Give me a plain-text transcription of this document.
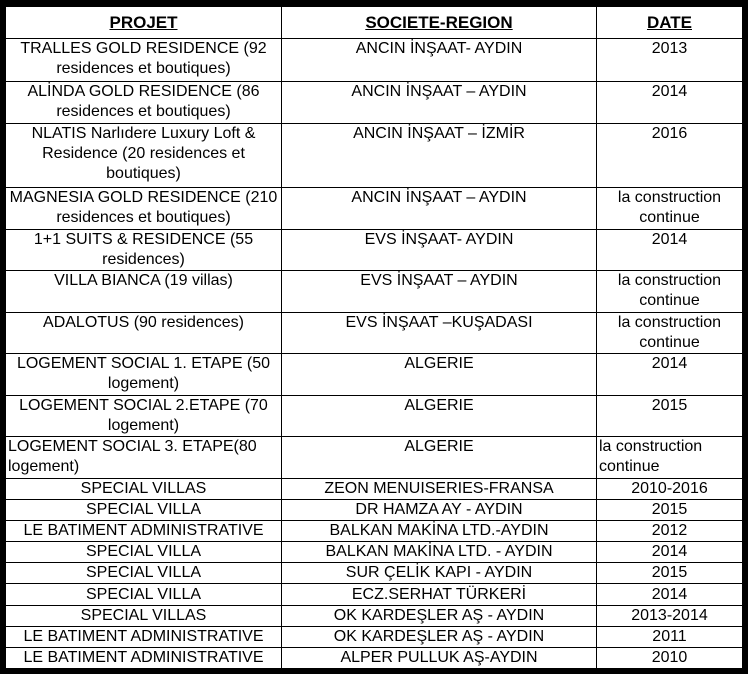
PROJET	SOCIETE-REGION	DATE
TRALLES GOLD RESIDENCE (92 residences et boutiques)	ANCIN İNŞAAT- AYDIN	2013
ALİNDA GOLD RESIDENCE (86 residences et boutiques)	ANCIN İNŞAAT – AYDIN	2014
NLATIS Narlıdere Luxury Loft & Residence (20 residences et boutiques)	ANCIN İNŞAAT – İZMİR	2016
MAGNESIA GOLD RESIDENCE (210 residences et boutiques)	ANCIN İNŞAAT – AYDIN	la construction continue
1+1 SUITS & RESIDENCE (55 residences)	EVS İNŞAAT- AYDIN	2014
VILLA BIANCA (19 villas)	EVS İNŞAAT – AYDIN	la construction continue
ADALOTUS (90 residences)	EVS İNŞAAT –KUŞADASI	la construction continue
LOGEMENT SOCIAL 1. ETAPE (50 logement)	ALGERIE	2014
LOGEMENT SOCIAL 2.ETAPE (70 logement)	ALGERIE	2015
LOGEMENT SOCIAL 3. ETAPE(80 logement)	ALGERIE	la construction continue
SPECIAL VILLAS	ZEON MENUISERIES-FRANSA	2010-2016
SPECIAL VILLA	DR HAMZA AY - AYDIN	2015
LE BATIMENT ADMINISTRATIVE	BALKAN MAKİNA LTD.-AYDIN	2012
SPECIAL VILLA	BALKAN MAKİNA LTD. - AYDIN	2014
SPECIAL VILLA	SUR ÇELİK KAPI - AYDIN	2015
SPECIAL VILLA	ECZ.SERHAT TÜRKERİ	2014
SPECIAL VILLAS	OK KARDEŞLER AŞ - AYDIN	2013-2014
LE BATIMENT ADMINISTRATIVE	OK KARDEŞLER AŞ - AYDIN	2011
LE BATIMENT ADMINISTRATIVE	ALPER PULLUK AŞ-AYDIN	2010
